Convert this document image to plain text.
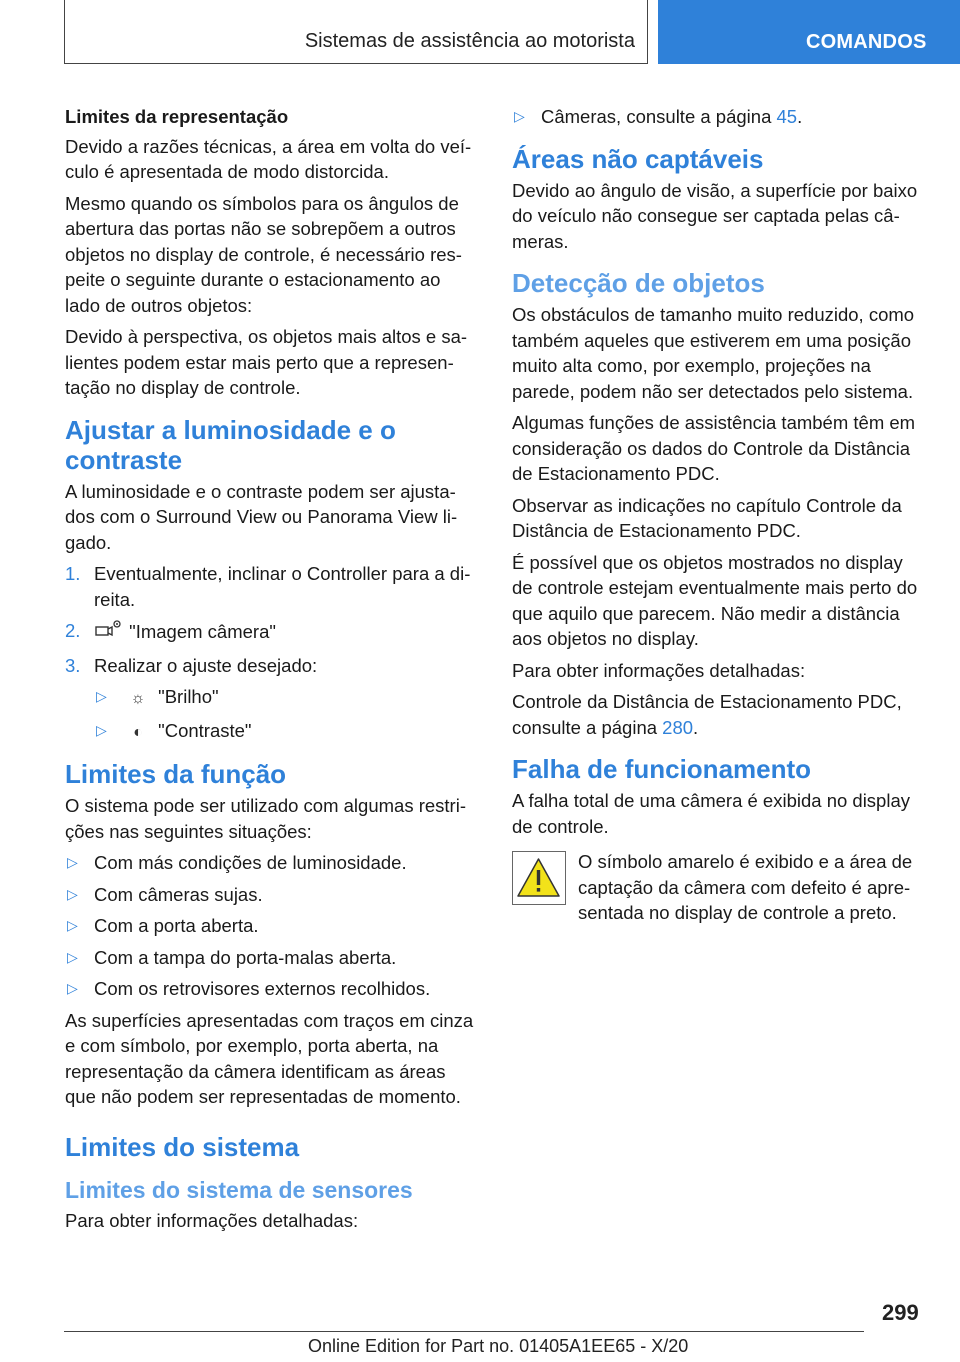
Sistemas de assistência ao motorista	COMANDOS

Limites da representação

Devido a razões técnicas, a área em volta do veículo é apresentada de modo distorcida.

Mesmo quando os símbolos para os ângulos de abertura das portas não se sobrepõem a outros objetos no display de controle, é necessário respeite o seguinte durante o estacionamento ao lado de outros objetos:

Devido à perspectiva, os objetos mais altos e salientes podem estar mais perto que a representação no display de controle.

Ajustar a luminosidade e o contraste

A luminosidade e o contraste podem ser ajustados com o Surround View ou Panorama View ligado.

1. Eventualmente, inclinar o Controller para a direita.
2.	"Imagem câmera"
3. Realizar o ajuste desejado:
▷ ☼ "Brilho"
▷ ◐ "Contraste"
Limites da função

O sistema pode ser utilizado com algumas restrições nas seguintes situações:

▷ Com más condições de luminosidade.
▷ Com câmeras sujas.
▷ Com a porta aberta.
▷ Com a tampa do porta-malas aberta.
▷ Com os retrovisores externos recolhidos.

As superfícies apresentadas com traços em cinza e com símbolo, por exemplo, porta aberta, na representação da câmera identificam as áreas que não podem ser representadas de momento.

Limites do sistema
Limites do sistema de sensores

Para obter informações detalhadas:

▷ Câmeras, consulte a página 45.
Áreas não captáveis

Devido ao ângulo de visão, a superfície por baixo do veículo não consegue ser captada pelas câmeras.

Detecção de objetos

Os obstáculos de tamanho muito reduzido, como também aqueles que estiverem em uma posição muito alta como, por exemplo, projeções na parede, podem não ser detectados pelo sistema.

Algumas funções de assistência também têm em consideração os dados do Controle da Distância de Estacionamento PDC.

Observar as indicações no capítulo Controle da Distância de Estacionamento PDC.

É possível que os objetos mostrados no display de controle estejam eventualmente mais perto do que aquilo que parecem. Não medir a distância aos objetos no display.

Para obter informações detalhadas:

Controle da Distância de Estacionamento PDC, consulte a página 280.

Falha de funcionamento

A falha total de uma câmera é exibida no display de controle.

O símbolo amarelo é exibido e a área de captação da câmera com defeito é apresentada no display de controle a preto.

299
Online Edition for Part no. 01405A1EE65 - X/20
